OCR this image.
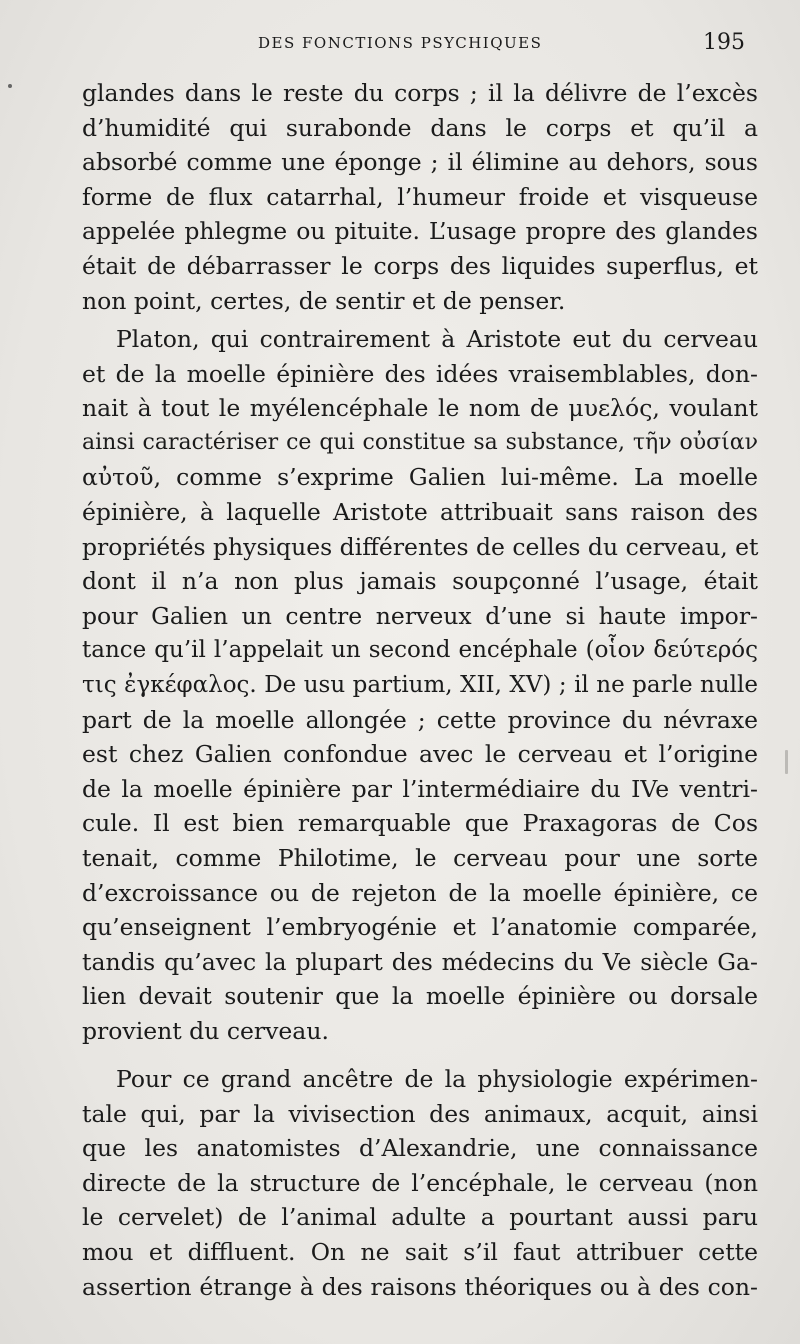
DES FONCTIONS PSYCHIQUES	195
glandes dans le reste du corps ; il la délivre de l’excès
d’humidité qui surabonde dans le corps et qu’il a
absorbé comme une éponge ; il élimine au dehors, sous
forme de flux catarrhal, l’humeur froide et visqueuse
appelée phlegme ou pituite. L’usage propre des glandes
était de débarrasser le corps des liquides superflus, et
non point, certes, de sentir et de penser.
Platon, qui contrairement à Aristote eut du cerveau
et de la moelle épinière des idées vraisemblables, don-
nait à tout le myélencéphale le nom de μυελός, voulant
ainsi caractériser ce qui constitue sa substance, τῆν οὐσίαν
αὐτοῦ, comme s’exprime Galien lui-même. La moelle
épinière, à laquelle Aristote attribuait sans raison des
propriétés physiques différentes de celles du cerveau, et
dont il n’a non plus jamais soupçonné l’usage, était
pour Galien un centre nerveux d’une si haute impor-
tance qu’il l’appelait un second encéphale (οἷον δεύτερός
τις ἐγκέφαλος. De usu partium, XII, XV) ; il ne parle nulle
part de la moelle allongée ; cette province du névraxe
est chez Galien confondue avec le cerveau et l’origine
de la moelle épinière par l’intermédiaire du IVe ventri-
cule. Il est bien remarquable que Praxagoras de Cos
tenait, comme Philotime, le cerveau pour une sorte
d’excroissance ou de rejeton de la moelle épinière, ce
qu’enseignent l’embryogénie et l’anatomie comparée,
tandis qu’avec la plupart des médecins du Ve siècle Ga-
lien devait soutenir que la moelle épinière ou dorsale
provient du cerveau.
Pour ce grand ancêtre de la physiologie expérimen-
tale qui, par la vivisection des animaux, acquit, ainsi
que les anatomistes d’Alexandrie, une connaissance
directe de la structure de l’encéphale, le cerveau (non
le cervelet) de l’animal adulte a pourtant aussi paru
mou et diffluent. On ne sait s’il faut attribuer cette
assertion étrange à des raisons théoriques ou à des con-
